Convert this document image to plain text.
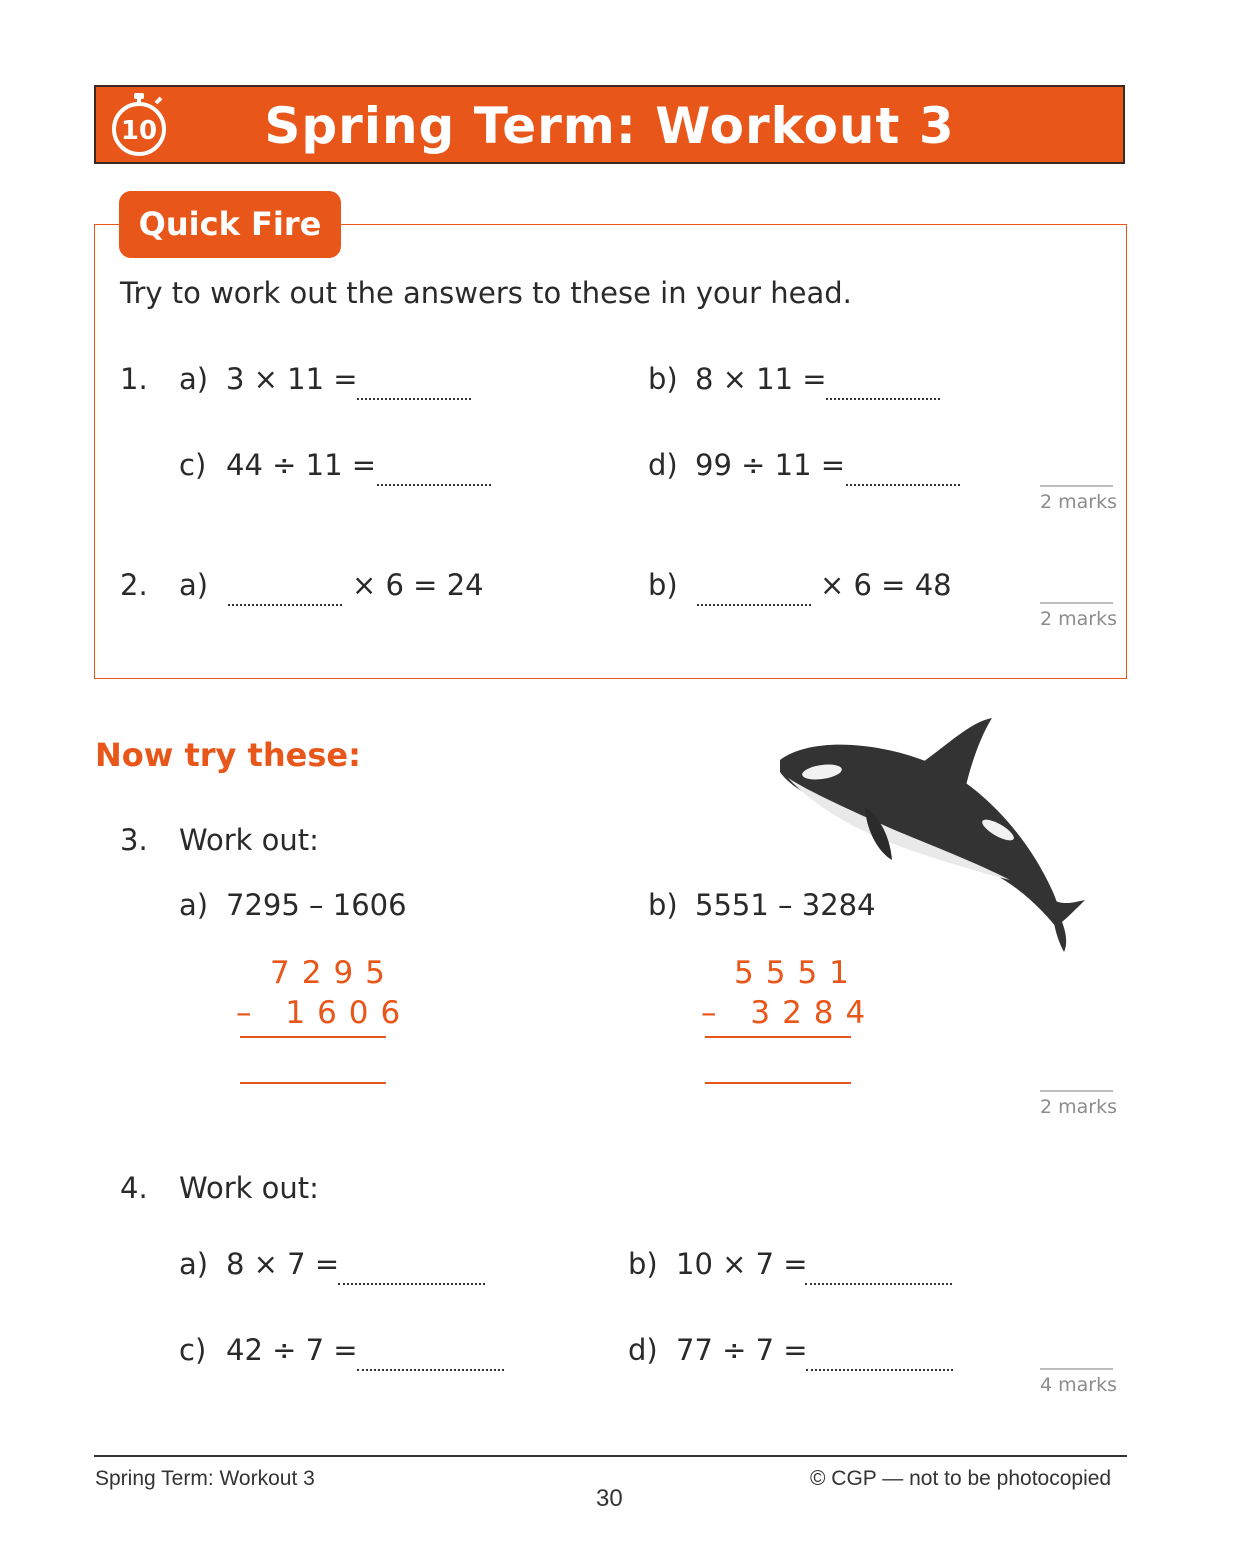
10	Spring Term: Workout 3
Quick Fire
Try to work out the answers to these in your head.
1. a) 3 × 11 =	b) 8 × 11 =
c) 44 ÷ 11 =	d) 99 ÷ 11 =
2 marks
2. a)	× 6 = 24	b)	× 6 = 48
2 marks
Now try these:
3. Work out:
a) 7295 – 1606
7295
– 1606
b) 5551 – 3284
5551
– 3284
2 marks
4. Work out:
a) 8 × 7 =	b) 10 × 7 =
c) 42 ÷ 7 =	d) 77 ÷ 7 =
4 marks
Spring Term: Workout 3
30
© CGP — not to be photocopied
